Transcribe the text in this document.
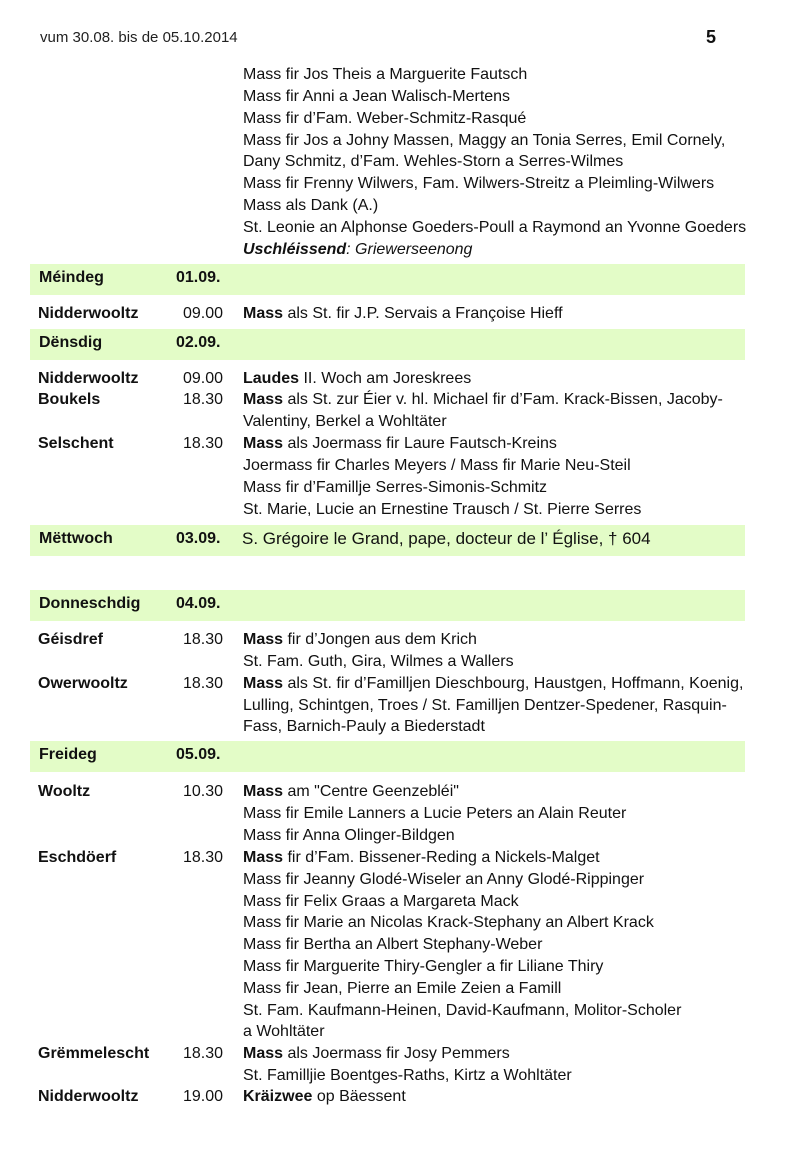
vum 30.08. bis de 05.10.2014	5
Mass fir Jos Theis a Marguerite Fautsch
Mass fir Anni a Jean Walisch-Mertens
Mass fir d’Fam. Weber-Schmitz-Rasqué
Mass fir Jos a Johny Massen, Maggy an Tonia Serres, Emil Cornely,
Dany Schmitz, d’Fam. Wehles-Storn a Serres-Wilmes
Mass fir Frenny Wilwers, Fam. Wilwers-Streitz a Pleimling-Wilwers
Mass als Dank (A.)
St. Leonie an Alphonse Goeders-Poull a Raymond an Yvonne Goeders
Uschléissend: Griewerseenong
Méindeg	01.09.
Nidderwooltz	09.00 Mass als St. fir J.P. Servais a Françoise Hieff
Dënsdig	02.09.
Nidderwooltz	09.00 Laudes II. Woch am Joreskrees
Boukels	18.30 Mass als St. zur Éier v. hl. Michael fir d’Fam. Krack-Bissen, Jacoby-
Valentiny, Berkel a Wohltäter
Selschent	18.30 Mass als Joermass fir Laure Fautsch-Kreins
Joermass fir Charles Meyers / Mass fir Marie Neu-Steil
Mass fir d’Famillje Serres-Simonis-Schmitz
St. Marie, Lucie an Ernestine Trausch / St. Pierre Serres
Mëttwoch	03.09. S. Grégoire le Grand, pape, docteur de l’ Église, † 604
Donneschdig 04.09.
Géisdref	18.30 Mass fir d’Jongen aus dem Krich
St. Fam. Guth, Gira, Wilmes a Wallers
Owerwooltz	18.30 Mass als St. fir d’Familljen Dieschbourg, Haustgen, Hoffmann, Koenig,
Lulling, Schintgen, Troes / St. Familljen Dentzer-Spedener, Rasquin-
Fass, Barnich-Pauly a Biederstadt
Freideg	05.09.
Wooltz	10.30 Mass am "Centre Geenzebléi"
Mass fir Emile Lanners a Lucie Peters an Alain Reuter
Mass fir Anna Olinger-Bildgen
Eschdöerf	18.30 Mass fir d’Fam. Bissener-Reding a Nickels-Malget
Mass fir Jeanny Glodé-Wiseler an Anny Glodé-Rippinger
Mass fir Felix Graas a Margareta Mack
Mass fir Marie an Nicolas Krack-Stephany an Albert Krack
Mass fir Bertha an Albert Stephany-Weber
Mass fir Marguerite Thiry-Gengler a fir Liliane Thiry
Mass fir Jean, Pierre an Emile Zeien a Famill
St. Fam. Kaufmann-Heinen, David-Kaufmann, Molitor-Scholer
a Wohltäter
Grëmmelescht 18.30 Mass als Joermass fir Josy Pemmers
St. Familljie Boentges-Raths, Kirtz a Wohltäter
Nidderwooltz	19.00 Kräizwee op Bäessent
